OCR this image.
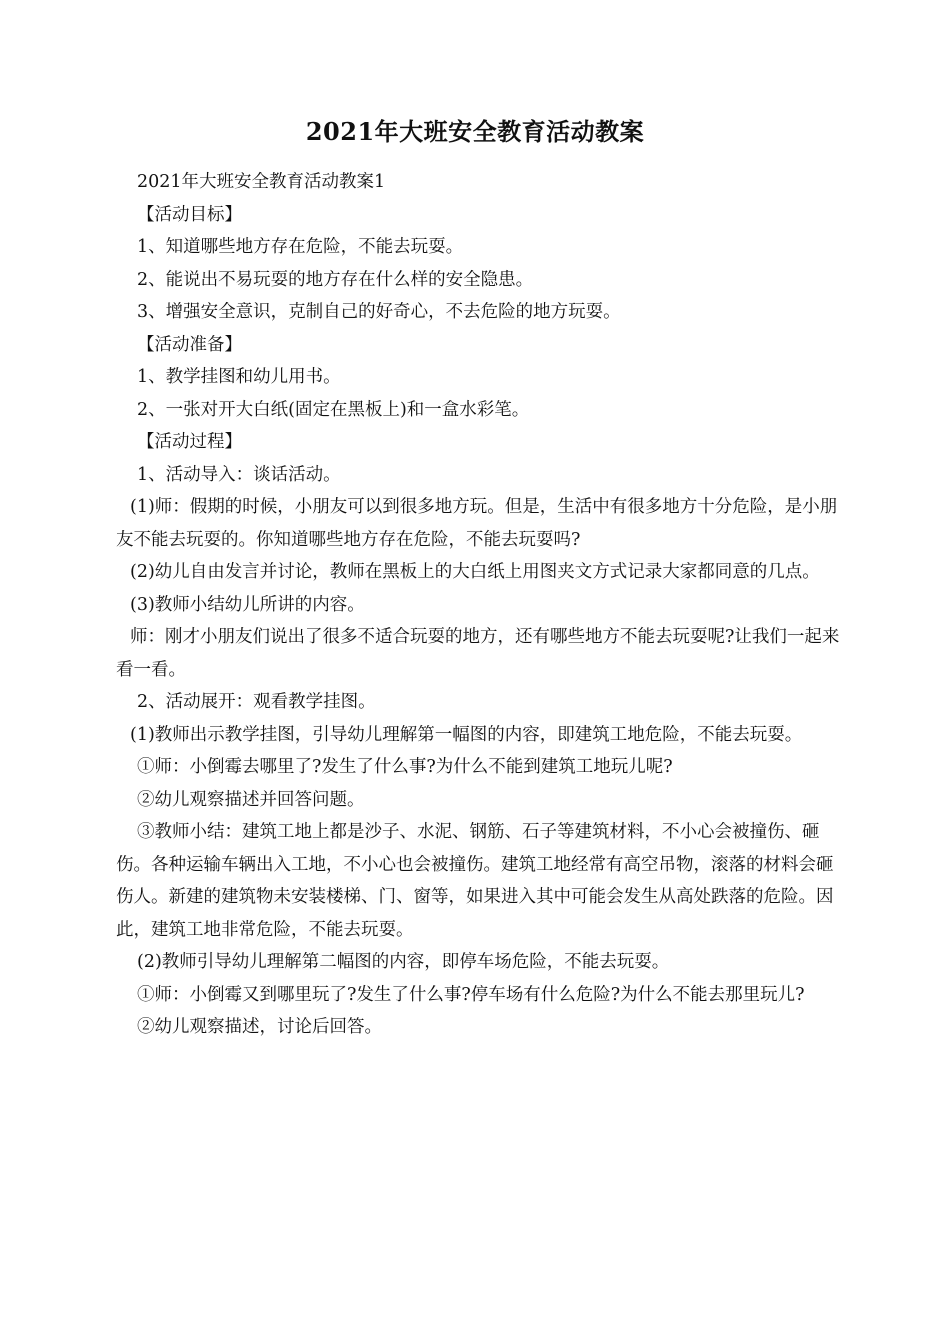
2021年大班安全教育活动教案

2021年大班安全教育活动教案1

【活动目标】

1、知道哪些地方存在危险，不能去玩耍。

2、能说出不易玩耍的地方存在什么样的安全隐患。

3、增强安全意识，克制自己的好奇心，不去危险的地方玩耍。

【活动准备】

1、教学挂图和幼儿用书。

2、一张对开大白纸(固定在黑板上)和一盒水彩笔。

【活动过程】

1、活动导入：谈话活动。

(1)师：假期的时候，小朋友可以到很多地方玩。但是，生活中有很多地方十分危险，是小朋友不能去玩耍的。你知道哪些地方存在危险，不能去玩耍吗?

(2)幼儿自由发言并讨论，教师在黑板上的大白纸上用图夹文方式记录大家都同意的几点。

(3)教师小结幼儿所讲的内容。

师：刚才小朋友们说出了很多不适合玩耍的地方，还有哪些地方不能去玩耍呢?让我们一起来看一看。

2、活动展开：观看教学挂图。

(1)教师出示教学挂图，引导幼儿理解第一幅图的内容，即建筑工地危险，不能去玩耍。

①师：小倒霉去哪里了?发生了什么事?为什么不能到建筑工地玩儿呢?

②幼儿观察描述并回答问题。

③教师小结：建筑工地上都是沙子、水泥、钢筋、石子等建筑材料，不小心会被撞伤、砸伤。各种运输车辆出入工地，不小心也会被撞伤。建筑工地经常有高空吊物，滚落的材料会砸伤人。新建的建筑物未安装楼梯、门、窗等，如果进入其中可能会发生从高处跌落的危险。因此，建筑工地非常危险，不能去玩耍。

(2)教师引导幼儿理解第二幅图的内容，即停车场危险，不能去玩耍。

①师：小倒霉又到哪里玩了?发生了什么事?停车场有什么危险?为什么不能去那里玩儿?

②幼儿观察描述，讨论后回答。
